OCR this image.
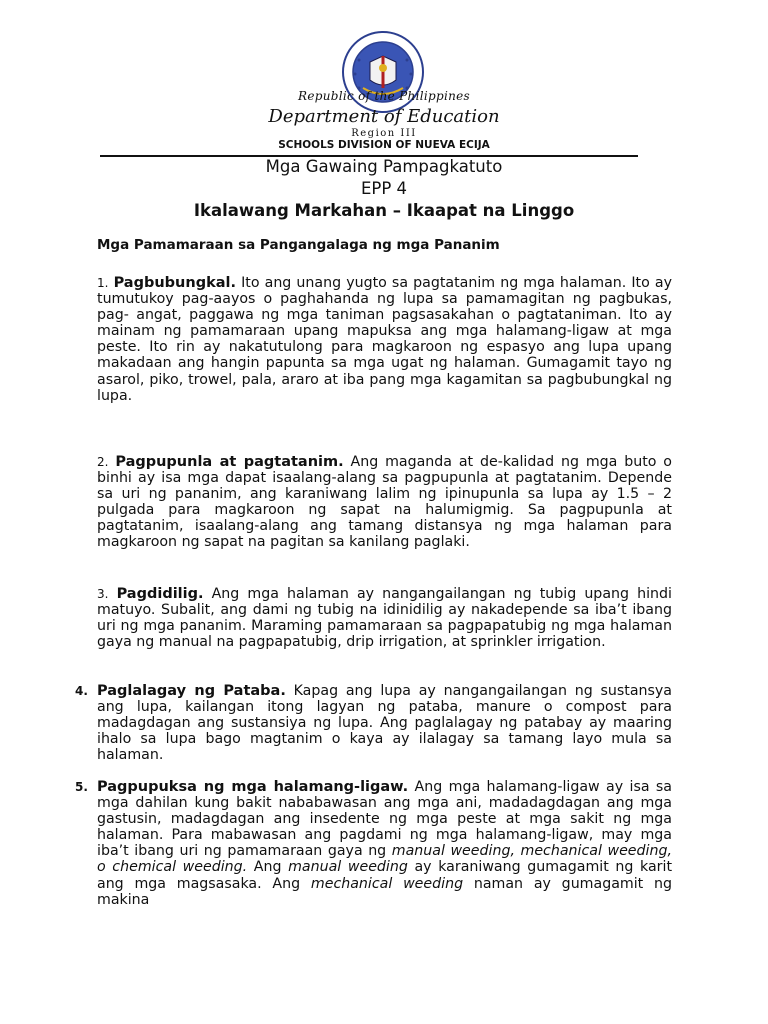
Republic of the Philippines
Department of Education
Region III
SCHOOLS DIVISION OF NUEVA ECIJA
Mga Gawaing Pampagkatuto
EPP 4
Ikalawang Markahan – Ikaapat na Linggo
Mga Pamamaraan sa Pangangalaga ng mga Pananim
1. Pagbubungkal. Ito ang unang yugto sa pagtatanim ng mga halaman. Ito ay tumutukoy pag-aayos o paghahanda ng lupa sa pamamagitan ng pagbukas, pag- angat, paggawa ng mga taniman pagsasakahan o pagtataniman. Ito ay mainam ng pamamaraan upang mapuksa ang mga halamang-ligaw at mga peste. Ito rin ay nakatutulong para magkaroon ng espasyo ang lupa upang makadaan ang hangin papunta sa mga ugat ng halaman. Gumagamit tayo ng asarol, piko, trowel, pala, araro at iba pang mga kagamitan sa pagbubungkal ng lupa.
2. Pagpupunla at pagtatanim. Ang maganda at de-kalidad ng mga buto o binhi ay isa mga dapat isaalang-alang sa pagpupunla at pagtatanim. Depende sa uri ng pananim, ang karaniwang lalim ng ipinupunla sa lupa ay 1.5 – 2 pulgada para magkaroon ng sapat na halumigmig. Sa pagpupunla at pagtatanim, isaalang-alang ang tamang distansya ng mga halaman para magkaroon ng sapat na pagitan sa kanilang paglaki.
3. Pagdidilig. Ang mga halaman ay nangangailangan ng tubig upang hindi matuyo. Subalit, ang dami ng tubig na idinidilig ay nakadepende sa iba’t ibang uri ng mga pananim. Maraming pamamaraan sa pagpapatubig ng mga halaman gaya ng manual na pagpapatubig, drip irrigation, at sprinkler irrigation.
4. Paglalagay ng Pataba. Kapag ang lupa ay nangangailangan ng sustansya ang lupa, kailangan itong lagyan ng pataba, manure o compost para madagdagan ang sustansiya ng lupa. Ang paglalagay ng patabay ay maaring ihalo sa lupa bago magtanim o kaya ay ilalagay sa tamang layo mula sa halaman.
5. Pagpupuksa ng mga halamang-ligaw. Ang mga halamang-ligaw ay isa sa mga dahilan kung bakit nababawasan ang mga ani, madadagdagan ang mga gastusin, madagdagan ang insedente ng mga peste at mga sakit ng mga halaman. Para mabawasan ang pagdami ng mga halamang-ligaw, may mga iba’t ibang uri ng pamamaraan gaya ng manual weeding, mechanical weeding, o chemical weeding. Ang manual weeding ay karaniwang gumagamit ng karit ang mga magsasaka. Ang mechanical weeding naman ay gumagamit ng makina
